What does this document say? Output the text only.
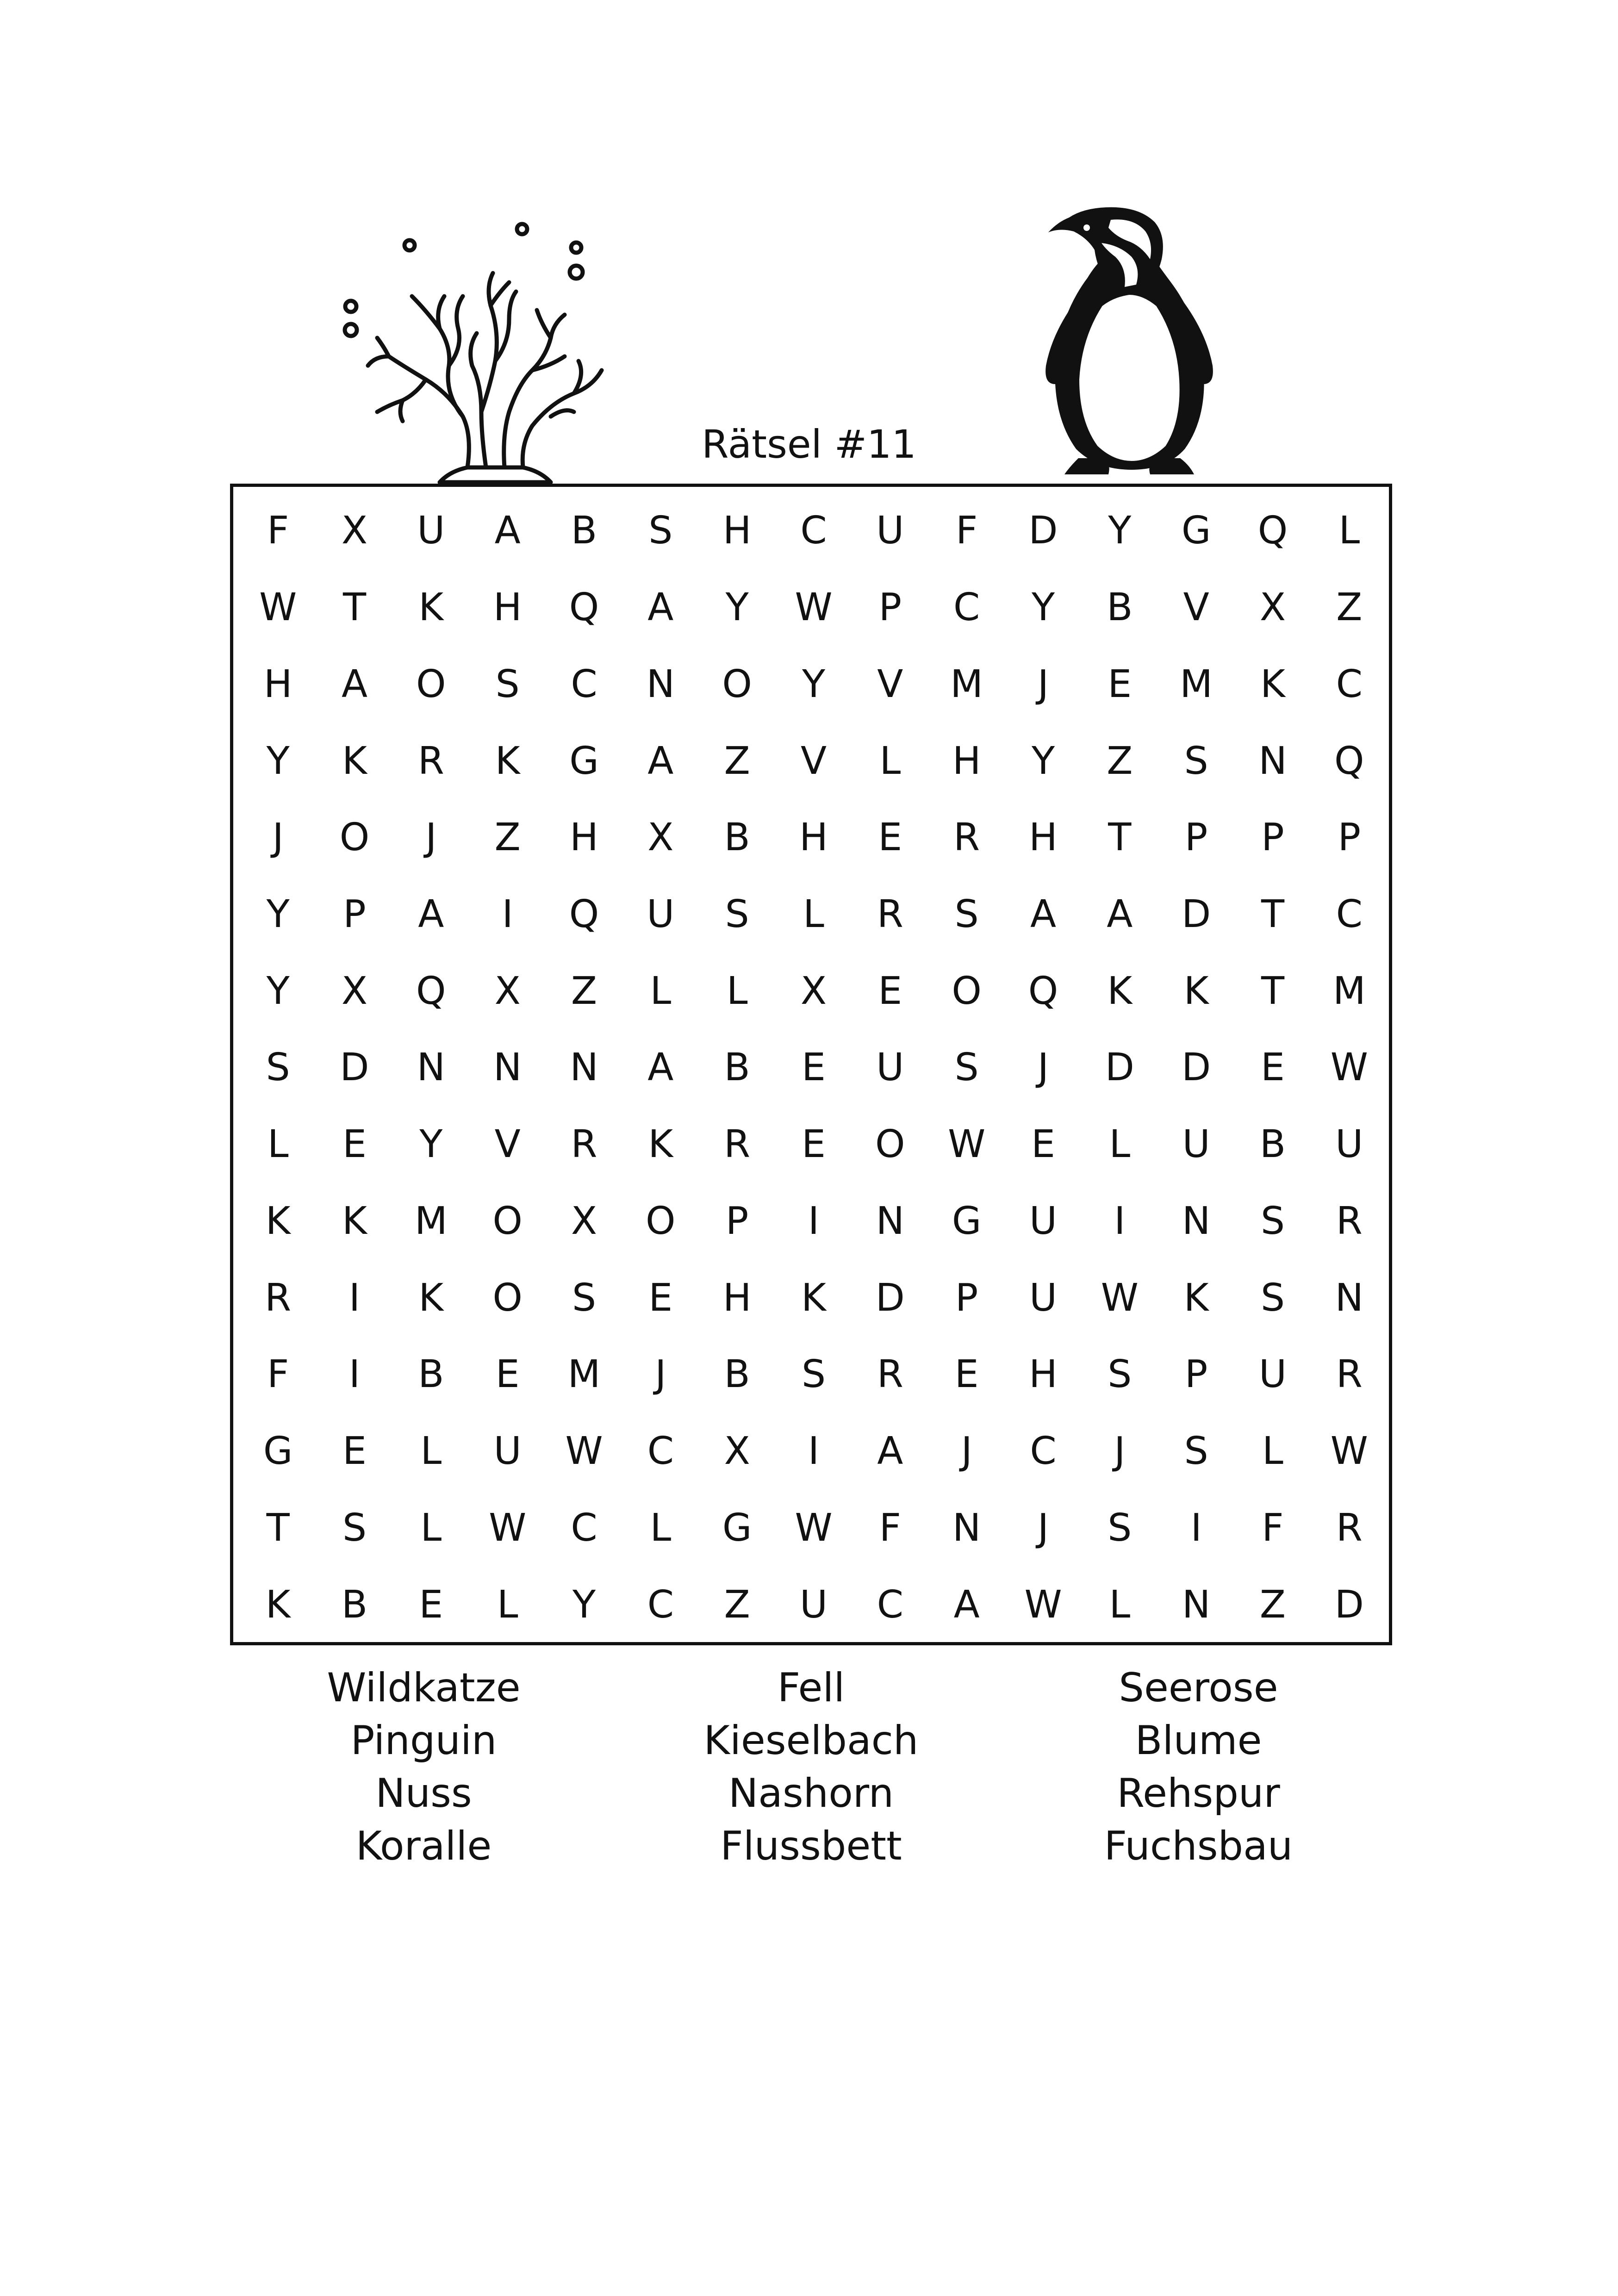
Rätsel #11
F	X	U	A	B	S	H	C	U	F	D	Y	G	Q	L
W	T	K	H	Q	A	Y	W	P	C	Y	B	V	X	Z
H	A	O	S	C	N	O	Y	V	M	J	E	M	K	C
Y	K	R	K	G	A	Z	V	L	H	Y	Z	S	N	Q
J	O	J	Z	H	X	B	H	E	R	H	T	P	P	P
Y	P	A	I	Q	U	S	L	R	S	A	A	D	T	C
Y	X	Q	X	Z	L	L	X	E	O	Q	K	K	T	M
S	D	N	N	N	A	B	E	U	S	J	D	D	E	W
L	E	Y	V	R	K	R	E	O	W	E	L	U	B	U
K	K	M	O	X	O	P	I	N	G	U	I	N	S	R
R	I	K	O	S	E	H	K	D	P	U	W	K	S	N
F	I	B	E	M	J	B	S	R	E	H	S	P	U	R
G	E	L	U	W	C	X	I	A	J	C	J	S	L	W
T	S	L	W	C	L	G	W	F	N	J	S	I	F	R
K	B	E	L	Y	C	Z	U	C	A	W	L	N	Z	D
Wildkatze
Pinguin
Nuss
Koralle
Fell
Kieselbach
Nashorn
Flussbett
Seerose
Blume
Rehspur
Fuchsbau
